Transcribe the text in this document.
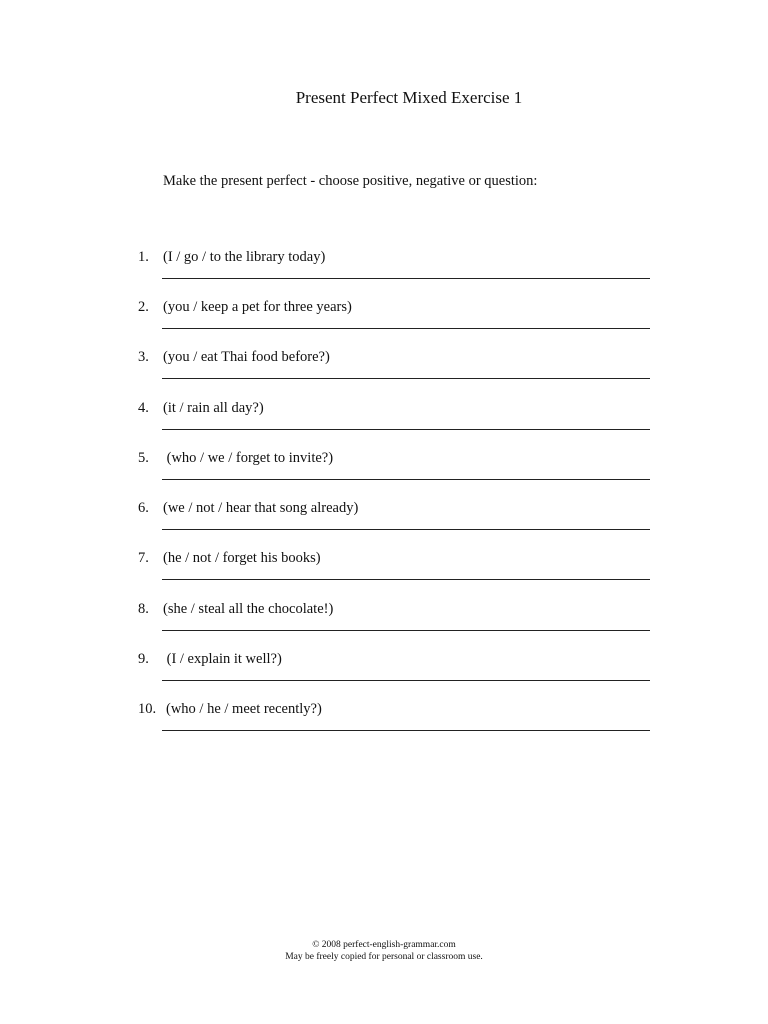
Present Perfect Mixed Exercise 1
Make the present perfect - choose positive, negative or question:
1. (I / go / to the library today)
2. (you / keep a pet for three years)
3. (you / eat Thai food before?)
4. (it / rain all day?)
5. (who / we / forget to invite?)
6. (we / not / hear that song already)
7. (he / not / forget his books)
8. (she / steal all the chocolate!)
9. (I / explain it well?)
10. (who / he / meet recently?)
© 2008 perfect-english-grammar.com
May be freely copied for personal or classroom use.
